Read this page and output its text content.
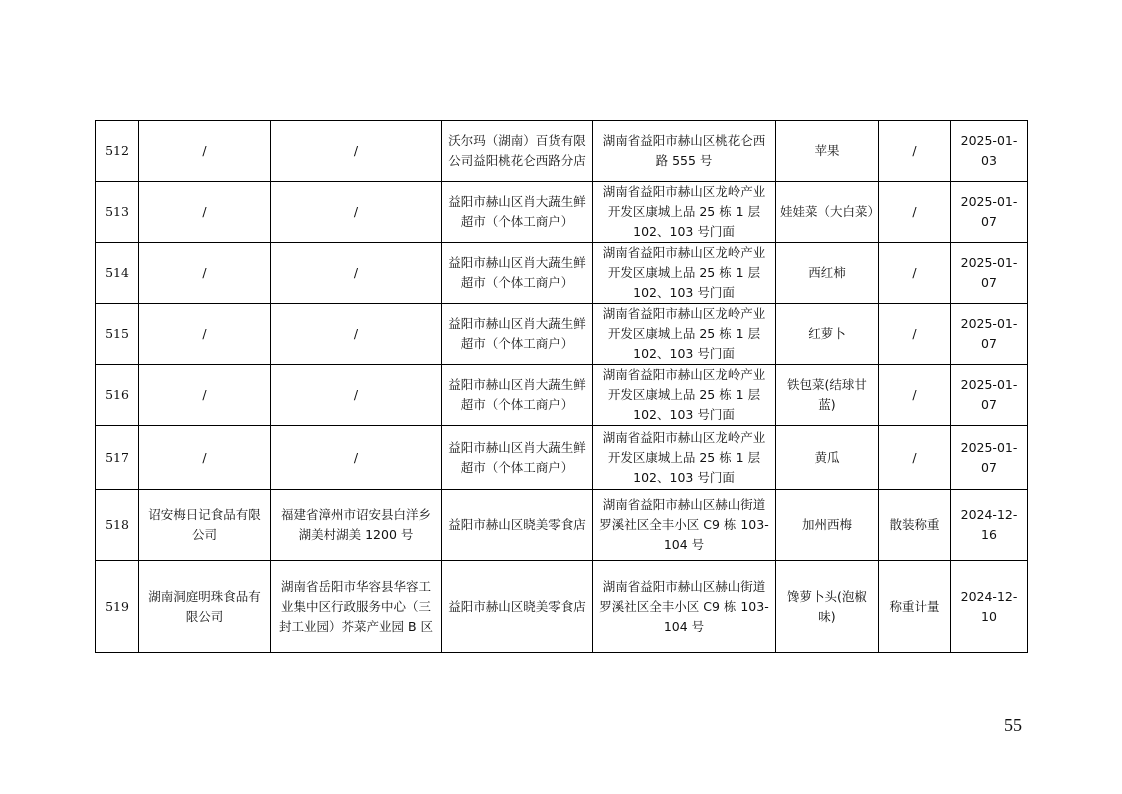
512	/	/	沃尔玛（湖南）百货有限公司益阳桃花仑西路分店	湖南省益阳市赫山区桃花仑西路 555 号	苹果	/	2025-01-03
513	/	/	益阳市赫山区肖大蔬生鲜超市（个体工商户）	湖南省益阳市赫山区龙岭产业开发区康城上品 25 栋 1 层 102、103 号门面	娃娃菜（大白菜）	/	2025-01-07
514	/	/	益阳市赫山区肖大蔬生鲜超市（个体工商户）	湖南省益阳市赫山区龙岭产业开发区康城上品 25 栋 1 层 102、103 号门面	西红柿	/	2025-01-07
515	/	/	益阳市赫山区肖大蔬生鲜超市（个体工商户）	湖南省益阳市赫山区龙岭产业开发区康城上品 25 栋 1 层 102、103 号门面	红萝卜	/	2025-01-07
516	/	/	益阳市赫山区肖大蔬生鲜超市（个体工商户）	湖南省益阳市赫山区龙岭产业开发区康城上品 25 栋 1 层 102、103 号门面	铁包菜(结球甘蓝)	/	2025-01-07
517	/	/	益阳市赫山区肖大蔬生鲜超市（个体工商户）	湖南省益阳市赫山区龙岭产业开发区康城上品 25 栋 1 层 102、103 号门面	黄瓜	/	2025-01-07
518	诏安梅日记食品有限公司	福建省漳州市诏安县白洋乡湖美村湖美 1200 号	益阳市赫山区晓美零食店	湖南省益阳市赫山区赫山街道罗溪社区全丰小区 C9 栋 103-104 号	加州西梅	散装称重	2024-12-16
519	湖南洞庭明珠食品有限公司	湖南省岳阳市华容县华容工业集中区行政服务中心（三封工业园）芥菜产业园 B 区	益阳市赫山区晓美零食店	湖南省益阳市赫山区赫山街道罗溪社区全丰小区 C9 栋 103-104 号	馋萝卜头(泡椒味)	称重计量	2024-12-10
55
